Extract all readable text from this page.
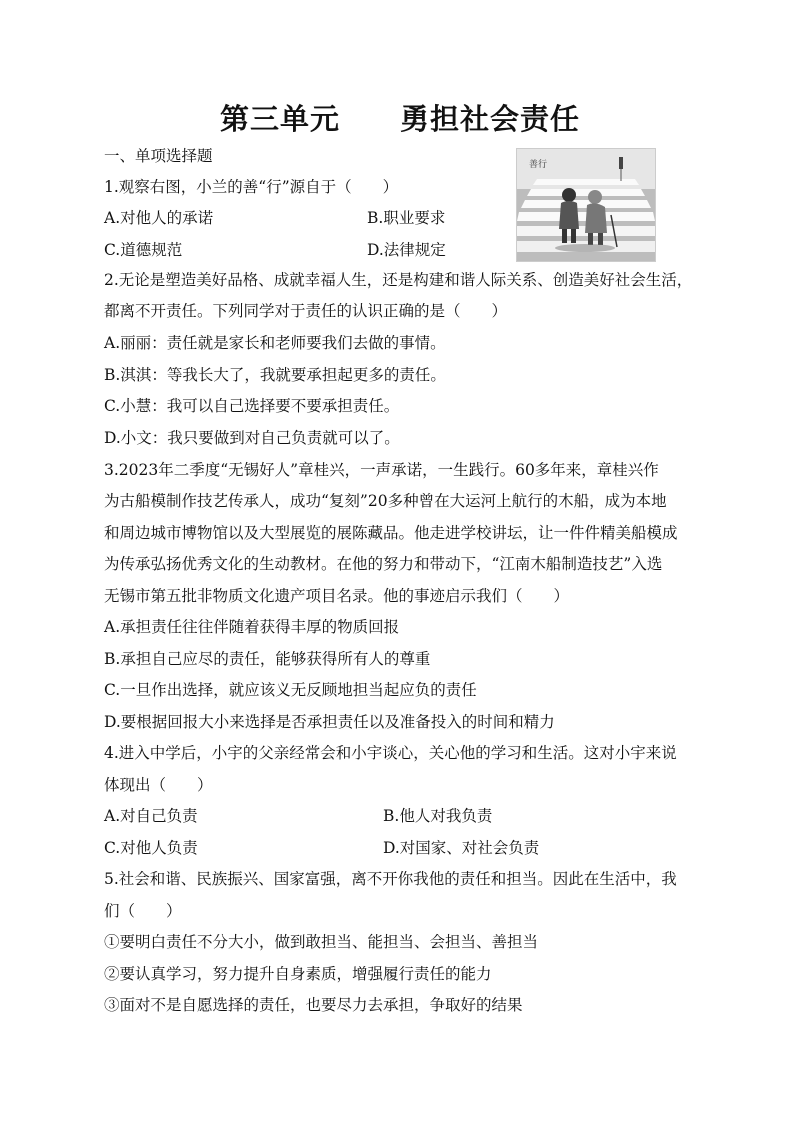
第三单元　　勇担社会责任
一、单项选择题
1.观察右图，小兰的善“行”源自于（　　）
A.对他人的承诺	B.职业要求
C.道德规范	D.法律规定
善行
2.无论是塑造美好品格、成就幸福人生，还是构建和谐人际关系、创造美好社会生活，
都离不开责任。下列同学对于责任的认识正确的是（　　）
A.丽丽：责任就是家长和老师要我们去做的事情。
B.淇淇：等我长大了，我就要承担起更多的责任。
C.小慧：我可以自己选择要不要承担责任。
D.小文：我只要做到对自己负责就可以了。
3.2023年二季度“无锡好人”章桂兴，一声承诺，一生践行。60多年来，章桂兴作
为古船模制作技艺传承人，成功“复刻”20多种曾在大运河上航行的木船，成为本地
和周边城市博物馆以及大型展览的展陈藏品。他走进学校讲坛，让一件件精美船模成
为传承弘扬优秀文化的生动教材。在他的努力和带动下，“江南木船制造技艺”入选
无锡市第五批非物质文化遗产项目名录。他的事迹启示我们（　　）
A.承担责任往往伴随着获得丰厚的物质回报
B.承担自己应尽的责任，能够获得所有人的尊重
C.一旦作出选择，就应该义无反顾地担当起应负的责任
D.要根据回报大小来选择是否承担责任以及准备投入的时间和精力
4.进入中学后，小宇的父亲经常会和小宇谈心，关心他的学习和生活。这对小宇来说
体现出（　　）
A.对自己负责	B.他人对我负责
C.对他人负责	D.对国家、对社会负责
5.社会和谐、民族振兴、国家富强，离不开你我他的责任和担当。因此在生活中，我
们（　　）
①要明白责任不分大小，做到敢担当、能担当、会担当、善担当
②要认真学习，努力提升自身素质，增强履行责任的能力
③面对不是自愿选择的责任，也要尽力去承担，争取好的结果
